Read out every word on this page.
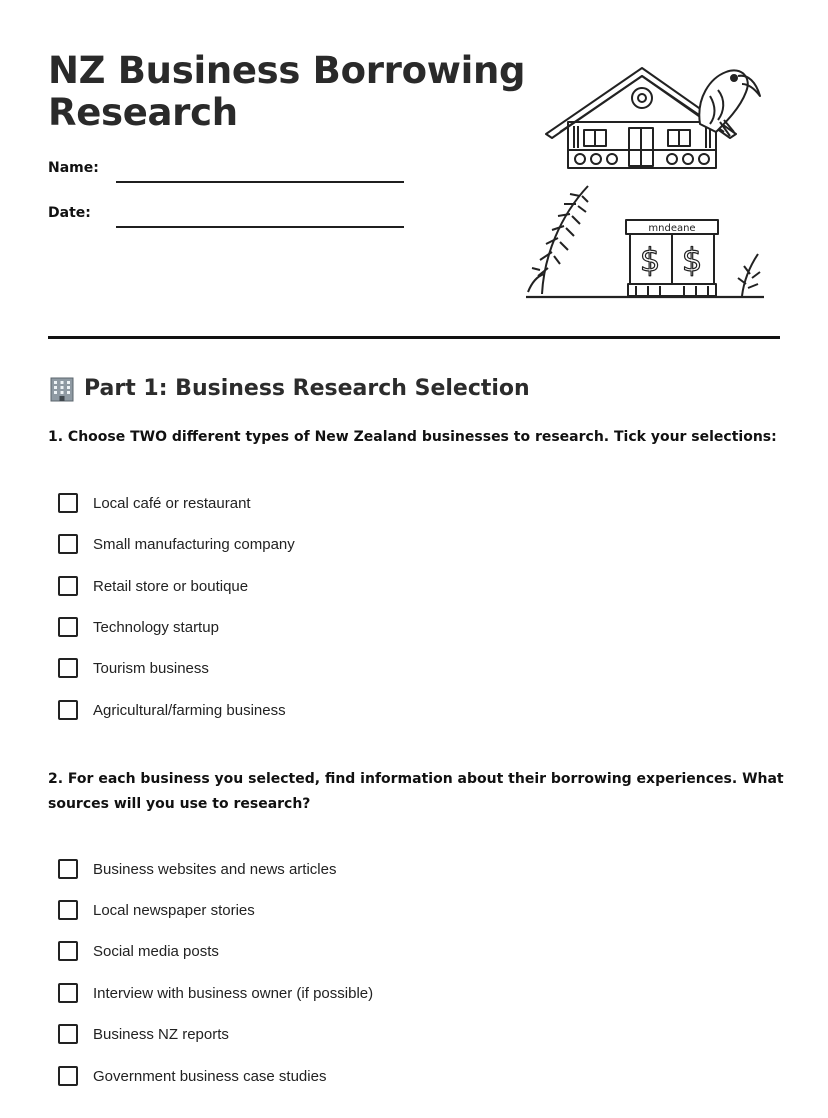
NZ Business Borrowing
Research
Name:
Date:
mndeane
$ $
Part 1: Business Research Selection

1. Choose TWO different types of New Zealand businesses to research. Tick your selections:

Local café or restaurant
Small manufacturing company
Retail store or boutique
Technology startup
Tourism business
Agricultural/farming business

2. For each business you selected, find information about their borrowing experiences. What sources will you use to research?

Business websites and news articles
Local newspaper stories
Social media posts
Interview with business owner (if possible)
Business NZ reports
Government business case studies
